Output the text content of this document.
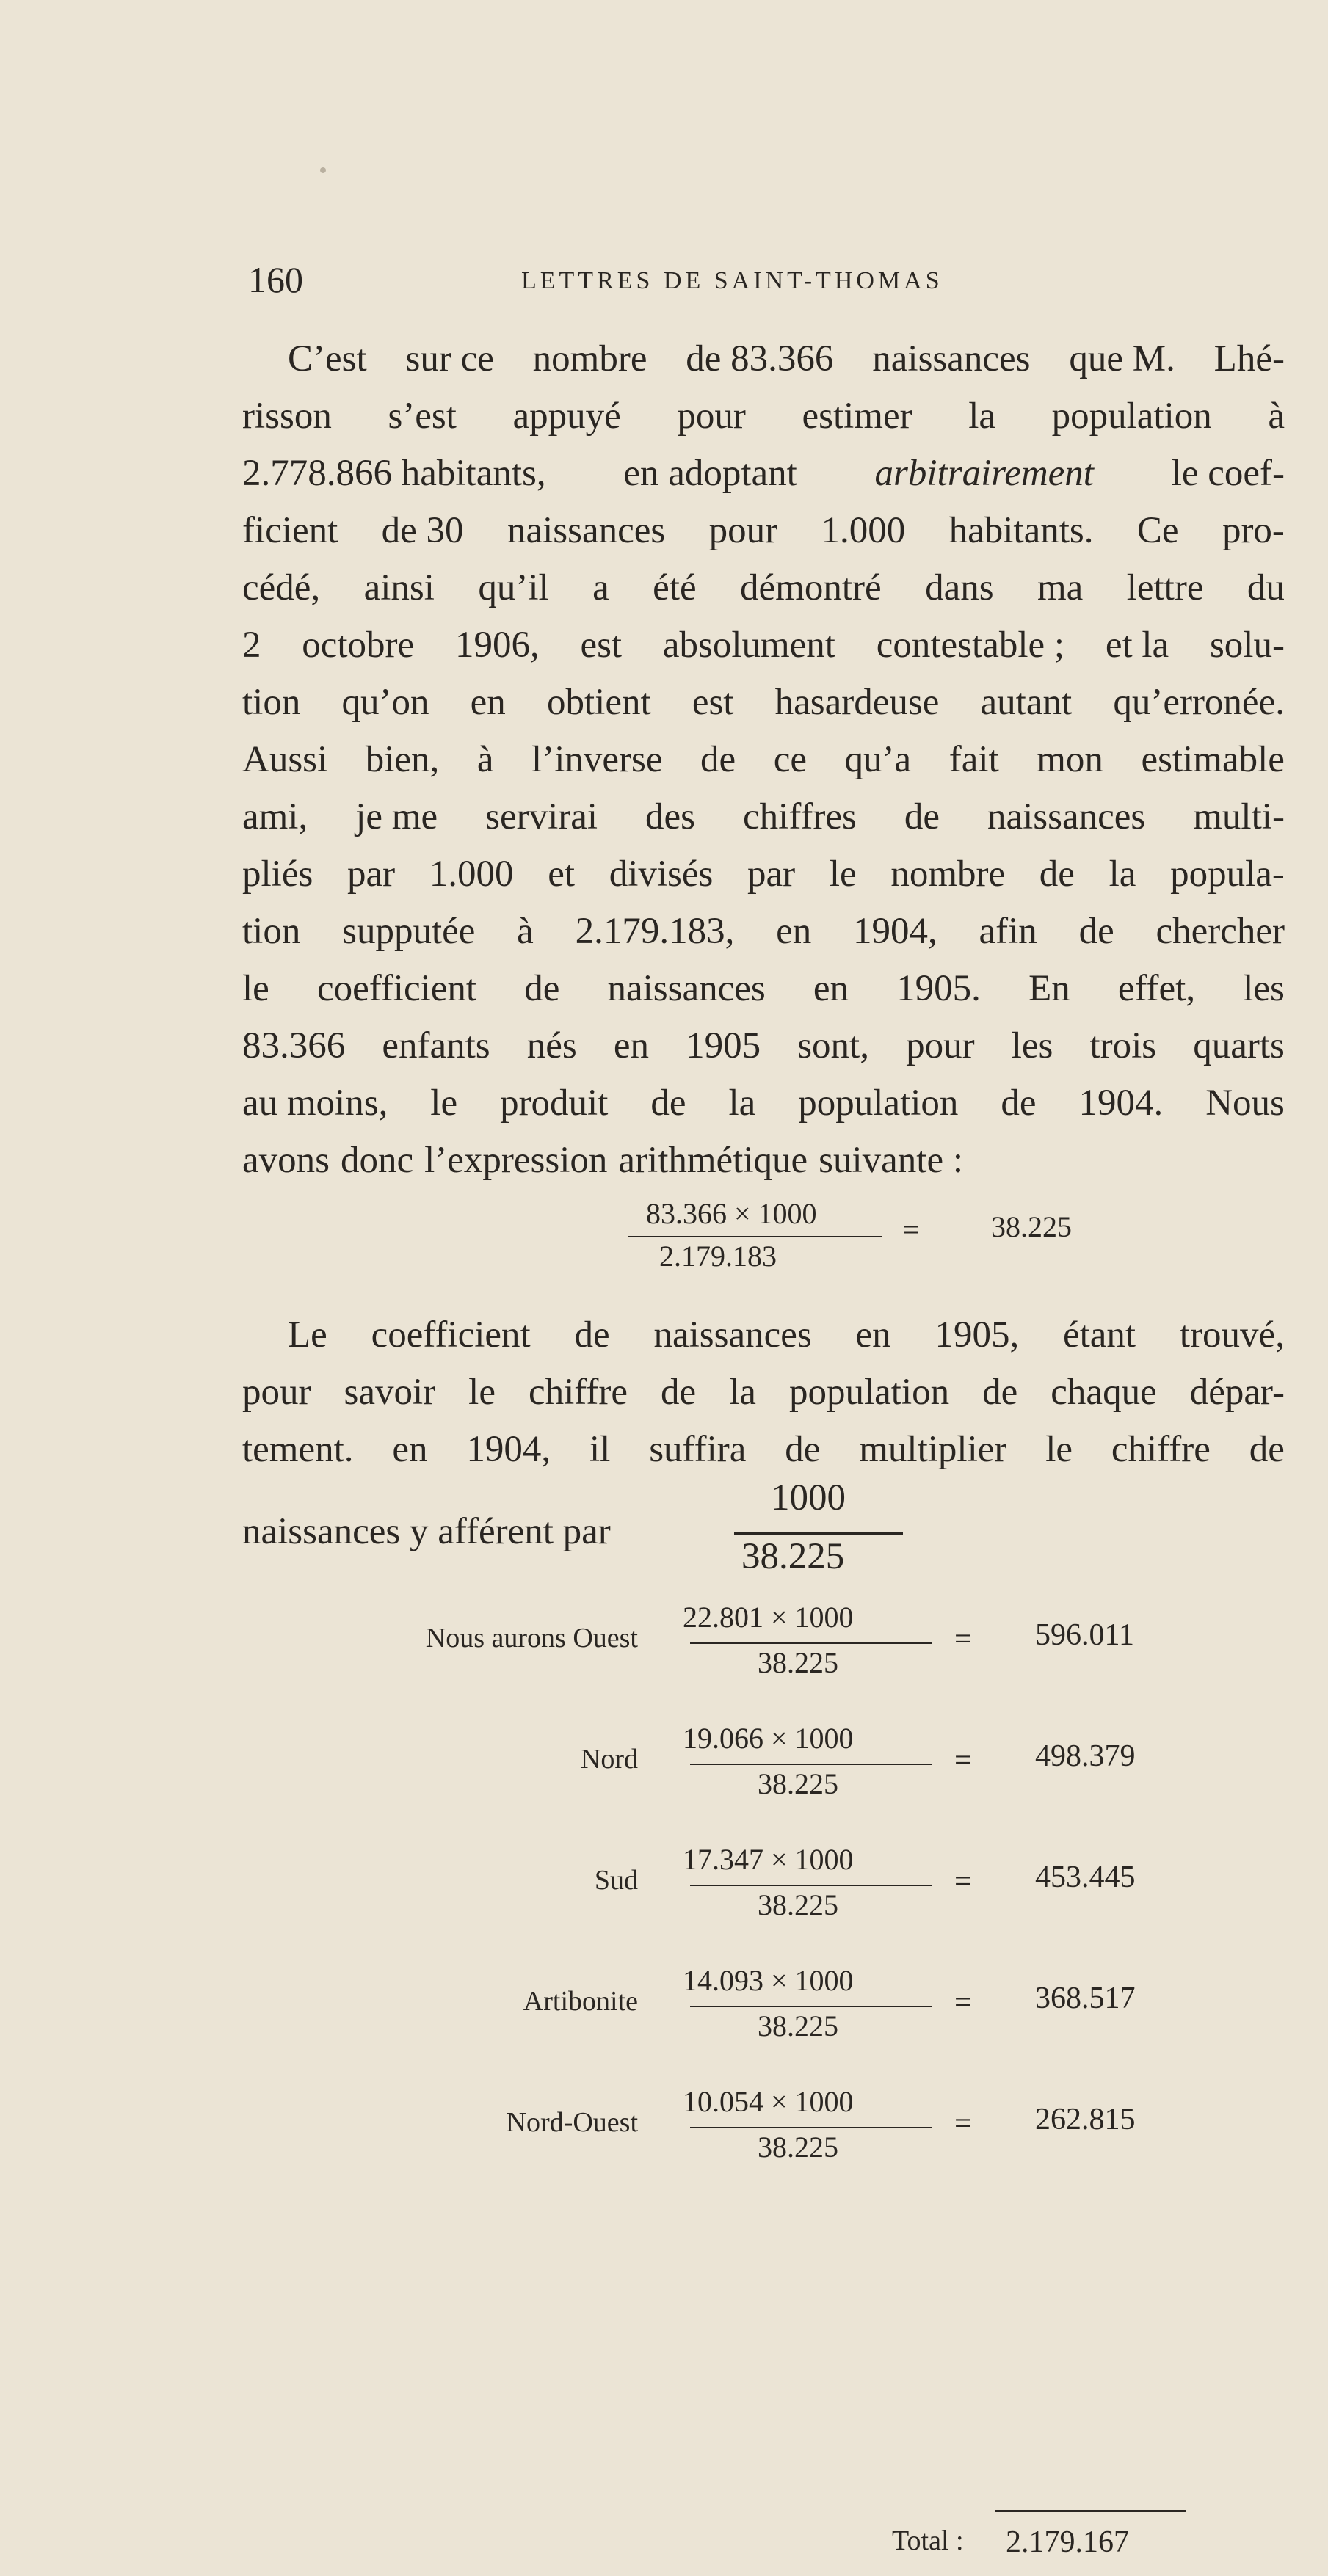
160	LETTRES DE SAINT-THOMAS
C’est sur ce nombre de 83.366 naissances que M. Lhé-
risson s’est appuyé pour estimer la population à
2.778.866 habitants, en adoptant arbitrairement le coef-
ficient de 30 naissances pour 1.000 habitants. Ce pro-
cédé, ainsi qu’il a été démontré dans ma lettre du
2 octobre 1906, est absolument contestable ; et la solu-
tion qu’on en obtient est hasardeuse autant qu’erronée.
Aussi bien, à l’inverse de ce qu’a fait mon estimable
ami, je me servirai des chiffres de naissances multi-
pliés par 1.000 et divisés par le nombre de la popula-
tion supputée à 2.179.183, en 1904, afin de chercher
le coefficient de naissances en 1905. En effet, les
83.366 enfants nés en 1905 sont, pour les trois quarts
au moins, le produit de la population de 1904. Nous
avons donc l’expression arithmétique suivante :
83.366 × 1000
2.179.183
= 38.225
Le coefficient de naissances en 1905, étant trouvé,
pour savoir le chiffre de la population de chaque dépar-
tement. en 1904, il suffira de multiplier le chiffre de
naissances y afférent par
1000
38.225
Nous aurons Ouest
22.801 × 1000
38.225
= 596.011
Nord
19.066 × 1000
38.225
= 498.379
Sud
17.347 × 1000
38.225
= 453.445
Artibonite
14.093 × 1000
38.225
= 368.517
Nord-Ouest
10.054 × 1000
38.225
= 262.815
Total : 2.179.167
